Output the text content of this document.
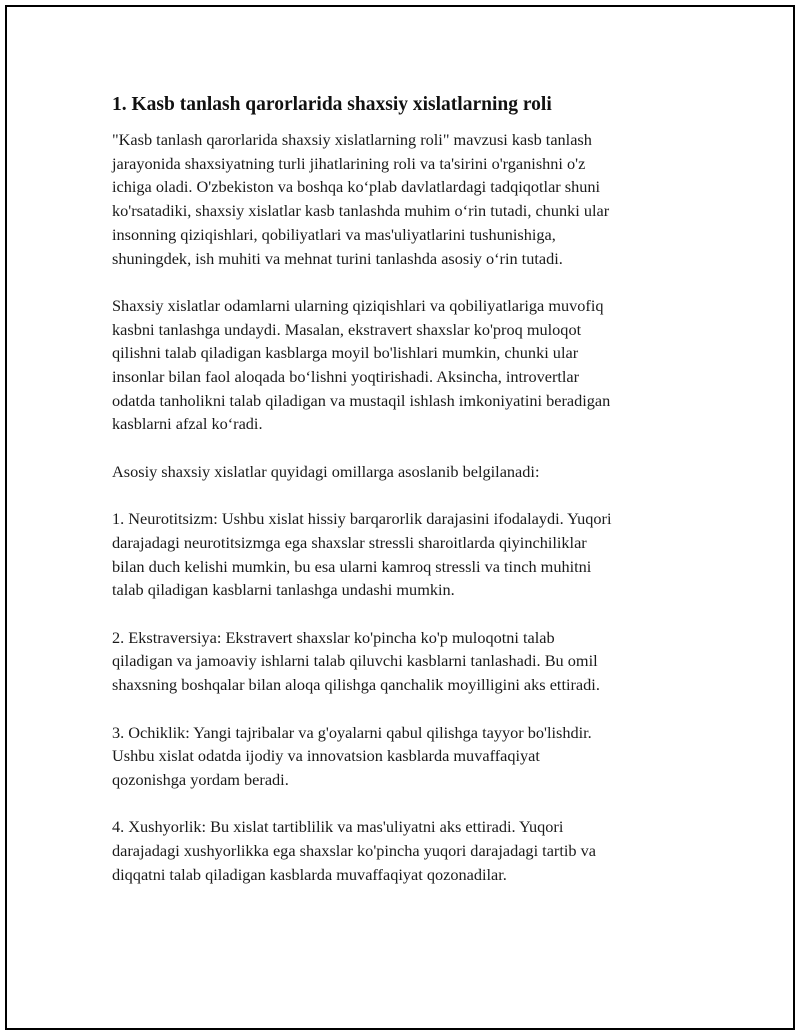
1. Kasb tanlash qarorlarida shaxsiy xislatlarning roli

"Kasb tanlash qarorlarida shaxsiy xislatlarning roli" mavzusi kasb tanlash
jarayonida shaxsiyatning turli jihatlarining roli va ta'sirini o'rganishni o'z
ichiga oladi. O'zbekiston va boshqa ko‘plab davlatlardagi tadqiqotlar shuni
ko'rsatadiki, shaxsiy xislatlar kasb tanlashda muhim o‘rin tutadi, chunki ular
insonning qiziqishlari, qobiliyatlari va mas'uliyatlarini tushunishiga,
shuningdek, ish muhiti va mehnat turini tanlashda asosiy o‘rin tutadi.

Shaxsiy xislatlar odamlarni ularning qiziqishlari va qobiliyatlariga muvofiq
kasbni tanlashga undaydi. Masalan, ekstravert shaxslar ko'proq muloqot
qilishni talab qiladigan kasblarga moyil bo'lishlari mumkin, chunki ular
insonlar bilan faol aloqada bo‘lishni yoqtirishadi. Aksincha, introvertlar
odatda tanholikni talab qiladigan va mustaqil ishlash imkoniyatini beradigan
kasblarni afzal ko‘radi.

Asosiy shaxsiy xislatlar quyidagi omillarga asoslanib belgilanadi:

1. Neurotitsizm: Ushbu xislat hissiy barqarorlik darajasini ifodalaydi. Yuqori
darajadagi neurotitsizmga ega shaxslar stressli sharoitlarda qiyinchiliklar
bilan duch kelishi mumkin, bu esa ularni kamroq stressli va tinch muhitni
talab qiladigan kasblarni tanlashga undashi mumkin.

2. Ekstraversiya: Ekstravert shaxslar ko'pincha ko'p muloqotni talab
qiladigan va jamoaviy ishlarni talab qiluvchi kasblarni tanlashadi. Bu omil
shaxsning boshqalar bilan aloqa qilishga qanchalik moyilligini aks ettiradi.

3. Ochiklik: Yangi tajribalar va g'oyalarni qabul qilishga tayyor bo'lishdir.
Ushbu xislat odatda ijodiy va innovatsion kasblarda muvaffaqiyat
qozonishga yordam beradi.

4. Xushyorlik: Bu xislat tartiblilik va mas'uliyatni aks ettiradi. Yuqori
darajadagi xushyorlikka ega shaxslar ko'pincha yuqori darajadagi tartib va
diqqatni talab qiladigan kasblarda muvaffaqiyat qozonadilar.
